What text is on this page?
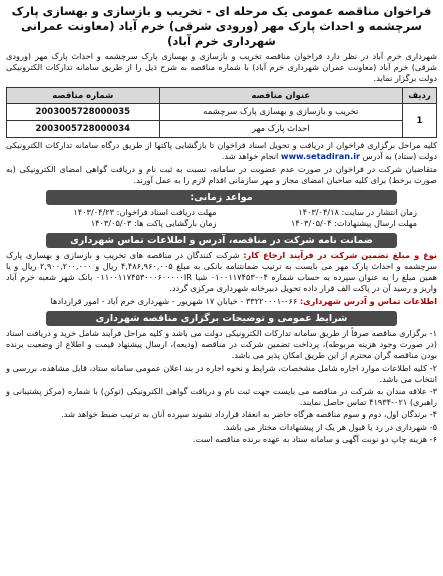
فراخوان مناقصه عمومی یک مرحله ای - تخریب و بازسازی و بهسازی پارک سرچشمه و احداث پارک مهر (ورودی شرقی) خرم آباد (معاونت عمرانی شهرداری خرم آباد)
شهرداری خرم آباد در نظر دارد فراخوان مناقصه تخریب و بازسازی و بهسازی پارک سرچشمه و احداث پارک مهر (ورودی شرقی) خرم آباد (معاونت عمران شهرداری خرم آباد) با شماره مناقصه به شرح ذیل را از طریق سامانه تدارکات الکترونیکی دولت برگزار نماید.
ردیف	عنوان مناقصه	شماره مناقصه
1	تخریب و بازسازی و بهسازی پارک سرچشمه	2003005728000035
	احداث پارک مهر	2003005728000034
کلیه مراحل برگزاری فراخوان از دریافت و تحویل اسناد فراخوان تا بازگشایی پاکتها از طریق درگاه سامانه تدارکات الکترونیکی دولت (ستاد) به آدرس www.setadiran.ir انجام خواهد شد.
متقاضیان شرکت در فراخوان در صورت عدم عضویت در سامانه، نسبت به ثبت نام و دریافت گواهی امضای الکترونیکی (به صورت برخط) برای کلیه صاحبان امضای مجاز و مهر سازمانی اقدام لازم را به عمل آورند.
مواعد زمانی:
زمان انتشار در سایت: ۱۴۰۳/۰۴/۱۸
مهلت دریافت اسناد فراخوان: ۱۴۰۳/۰۴/۲۳
مهلت ارسال پیشنهادات: ۱۴۰۳/۰۵/۰۴
زمان بازگشایی پاکت ها: ۱۴۰۳/۰۵/۰۳
ضمانت نامه شرکت در مناقصه، آدرس و اطلاعات تماس شهرداری
نوع و مبلغ تضمین شرکت در فرآیند ارجاع کار: شرکت کنندگان در مناقصه های تخریب و بازسازی و بهسازی پارک سرچشمه و احداث پارک مهر می بایست به ترتیب ضمانتنامه بانکی به مبلغ ۴,۴۸۶,۹۶۰,۰۰۵ ریال و ۲,۹۰۰,۲۰۰,۰۰۰ ریال و یا همین مبلغ را به عنوان سپرده به حساب شماره ۰۱۰۰۱۱۷۴۵۳۰۰۴ شبا ۰۱۱۰۰۱۱۷۴۵۳۰۰۰۶۰۰۰۰۰IR بانک شهر شعبه خرم آباد واریز و رسید آن در پاکت الف قرار داده تحویل دبیرخانه شهرداری مرکزی گردد.
اطلاعات تماس و آدرس شهرداری: ۰۶۶-۳۳۲۲۰۰۰۱ - خیابان ۱۷ شهریور - شهرداری خرم آباد - امور قراردادها
شرایط عمومی و توضیحات برگزاری مناقصه شهرداری

۱- برگزاری مناقصه صرفاً از طریق سامانه تدارکات الکترونیکی دولت می باشد و کلیه مراحل فرآیند شامل خرید و دریافت اسناد (در صورت وجود هزینه مربوطه)، پرداخت تضمین شرکت در مناقصه (ودیعه)، ارسال پیشنهاد قیمت و اطلاع از وضعیت برنده بودن مناقصه گران محترم از این طریق امکان پذیر می باشد.

۲- کلیه اطلاعات موارد اجاره شامل مشخصات، شرایط و نحوه اجاره در بند اعلان عمومی سامانه ستاد، قابل مشاهده، بررسی و انتخاب می باشد.

۳- علاقه مندان به شرکت در مناقصه می بایست جهت ثبت نام و دریافت گواهی الکترونیکی (توکن) با شماره (مرکز پشتیبانی و راهبری) ۰۲۱-۴۱۹۳۴ تماس حاصل نمایند.

۴- برندگان اول، دوم و سوم مناقصه هرگاه حاضر به انعقاد قرارداد نشوند سپرده آنان به ترتیب ضبط خواهد شد.

۵- شهرداری در رد یا قبول هر یک از پیشنهادات مختار می باشد.

۶- هزینه چاپ دو نوبت آگهی و سامانه ستاد به عهده برنده مناقصه است.
